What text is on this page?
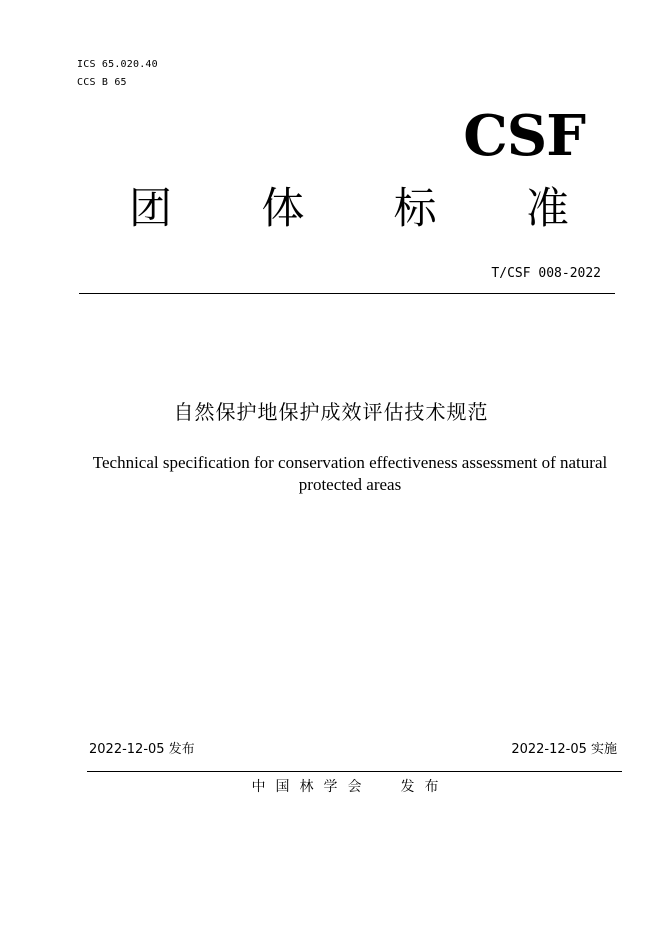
ICS 65.020.40
CCS B 65
CSF
团 体 标 准
T/CSF 008-2022
自然保护地保护成效评估技术规范
Technical specification for conservation effectiveness assessment of natural protected areas
2022-12-05 发布	2022-12-05 实施
中国林学会  发布
